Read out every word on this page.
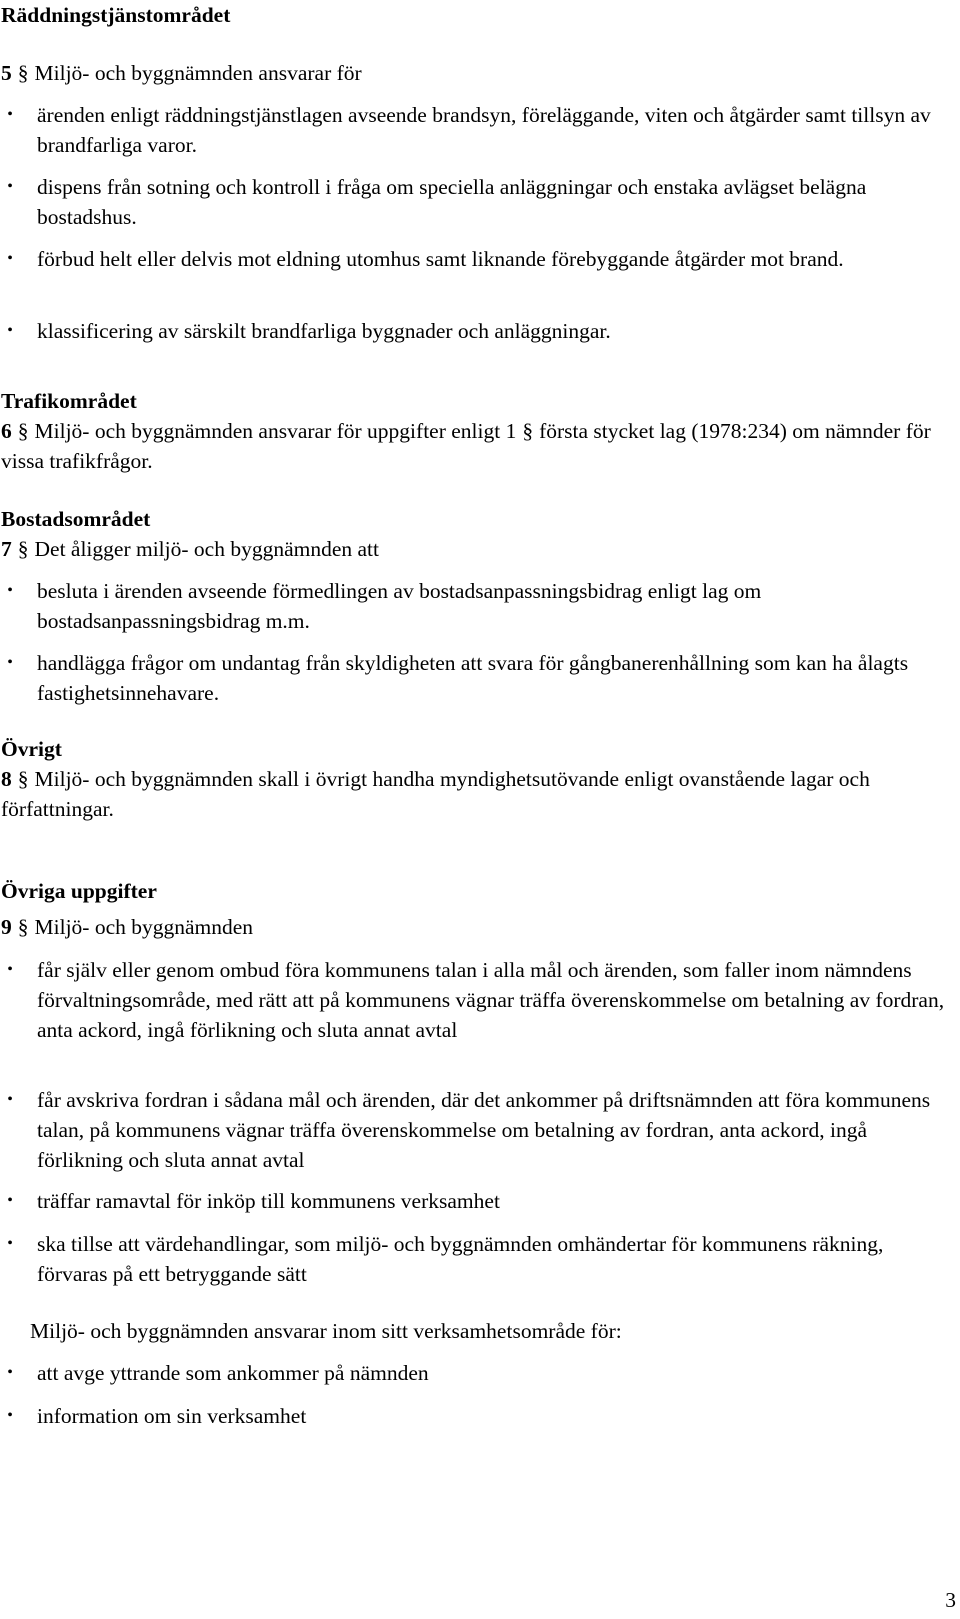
Räddningstjänstområdet

5 § Miljö- och byggnämnden ansvarar för

• ärenden enligt räddningstjänstlagen avseende brandsyn, föreläggande, viten och åtgärder samt tillsyn av brandfarliga varor.
• dispens från sotning och kontroll i fråga om speciella anläggningar och enstaka avlägset belägna bostadshus.
• förbud helt eller delvis mot eldning utomhus samt liknande förebyggande åtgärder mot brand.
• klassificering av särskilt brandfarliga byggnader och anläggningar.
Trafikområdet

6 § Miljö- och byggnämnden ansvarar för uppgifter enligt 1 § första stycket lag (1978:234) om nämnder för vissa trafikfrågor.

Bostadsområdet

7 § Det åligger miljö- och byggnämnden att

• besluta i ärenden avseende förmedlingen av bostadsanpassningsbidrag enligt lag om bostadsanpassningsbidrag m.m.
• handlägga frågor om undantag från skyldigheten att svara för gångbanerenhållning som kan ha ålagts fastighetsinnehavare.
Övrigt

8 § Miljö- och byggnämnden skall i övrigt handha myndighetsutövande enligt ovanstående lagar och författningar.

Övriga uppgifter

9 § Miljö- och byggnämnden

• får själv eller genom ombud föra kommunens talan i alla mål och ärenden, som faller inom nämndens förvaltningsområde, med rätt att på kommunens vägnar träffa överenskommelse om betalning av fordran, anta ackord, ingå förlikning och sluta annat avtal
• får avskriva fordran i sådana mål och ärenden, där det ankommer på driftsnämnden att föra kommunens talan, på kommunens vägnar träffa överenskommelse om betalning av fordran, anta ackord, ingå förlikning och sluta annat avtal
• träffar ramavtal för inköp till kommunens verksamhet
• ska tillse att värdehandlingar, som miljö- och byggnämnden omhändertar för kommunens räkning, förvaras på ett betryggande sätt

Miljö- och byggnämnden ansvarar inom sitt verksamhetsområde för:

• att avge yttrande som ankommer på nämnden
• information om sin verksamhet
3
